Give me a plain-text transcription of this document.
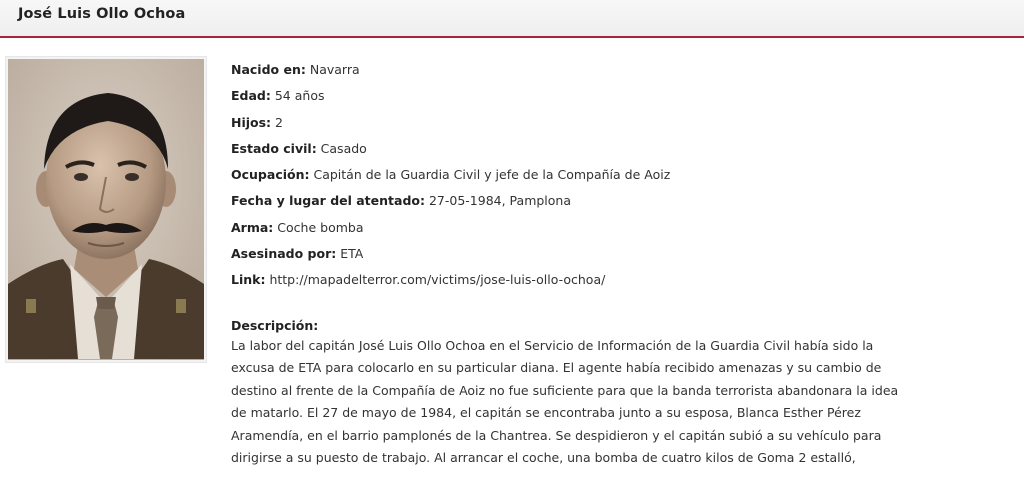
José Luis Ollo Ochoa
Nacido en: Navarra
Edad: 54 años
Hijos: 2
Estado civil: Casado
Ocupación: Capitán de la Guardia Civil y jefe de la Compañía de Aoiz
Fecha y lugar del atentado: 27-05-1984, Pamplona
Arma: Coche bomba
Asesinado por: ETA
Link: http://mapadelterror.com/victims/jose-luis-ollo-ochoa/
Descripción:

La labor del capitán José Luis Ollo Ochoa en el Servicio de Información de la Guardia Civil había sido la excusa de ETA para colocarlo en su particular diana. El agente había recibido amenazas y su cambio de destino al frente de la Compañía de Aoiz no fue suficiente para que la banda terrorista abandonara la idea de matarlo. El 27 de mayo de 1984, el capitán se encontraba junto a su esposa, Blanca Esther Pérez Aramendía, en el barrio pamplonés de la Chantrea. Se despidieron y el capitán subió a su vehículo para dirigirse a su puesto de trabajo. Al arrancar el coche, una bomba de cuatro kilos de Goma 2 estalló,
